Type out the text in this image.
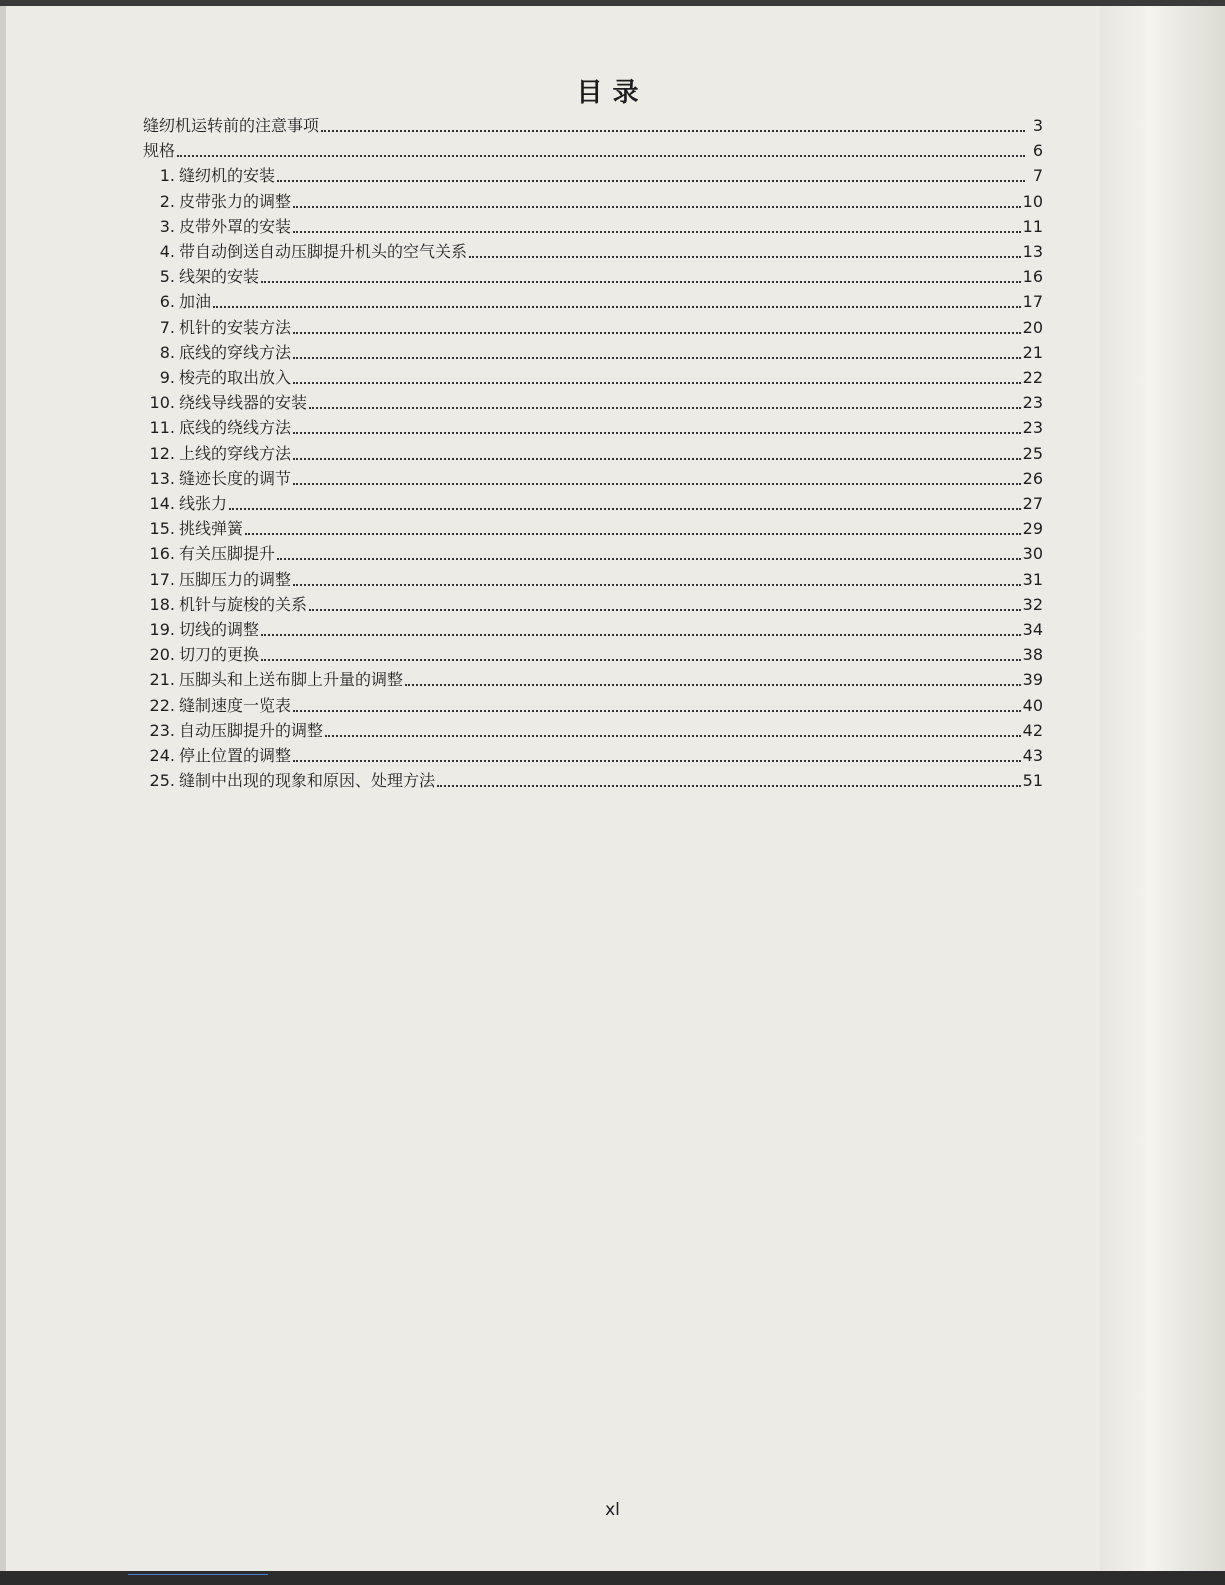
目录
缝纫机运转前的注意事项	3
规格	6
1. 缝纫机的安装	7
2. 皮带张力的调整	10
3. 皮带外罩的安装	11
4. 带自动倒送自动压脚提升机头的空气关系	13
5. 线架的安装	16
6. 加油	17
7. 机针的安装方法	20
8. 底线的穿线方法	21
9. 梭壳的取出放入	22
10. 绕线导线器的安装	23
11. 底线的绕线方法	23
12. 上线的穿线方法	25
13. 缝迹长度的调节	26
14. 线张力	27
15. 挑线弹簧	29
16. 有关压脚提升	30
17. 压脚压力的调整	31
18. 机针与旋梭的关系	32
19. 切线的调整	34
20. 切刀的更换	38
21. 压脚头和上送布脚上升量的调整	39
22. 缝制速度一览表	40
23. 自动压脚提升的调整	42
24. 停止位置的调整	43
25. 缝制中出现的现象和原因、处理方法	51
xl
